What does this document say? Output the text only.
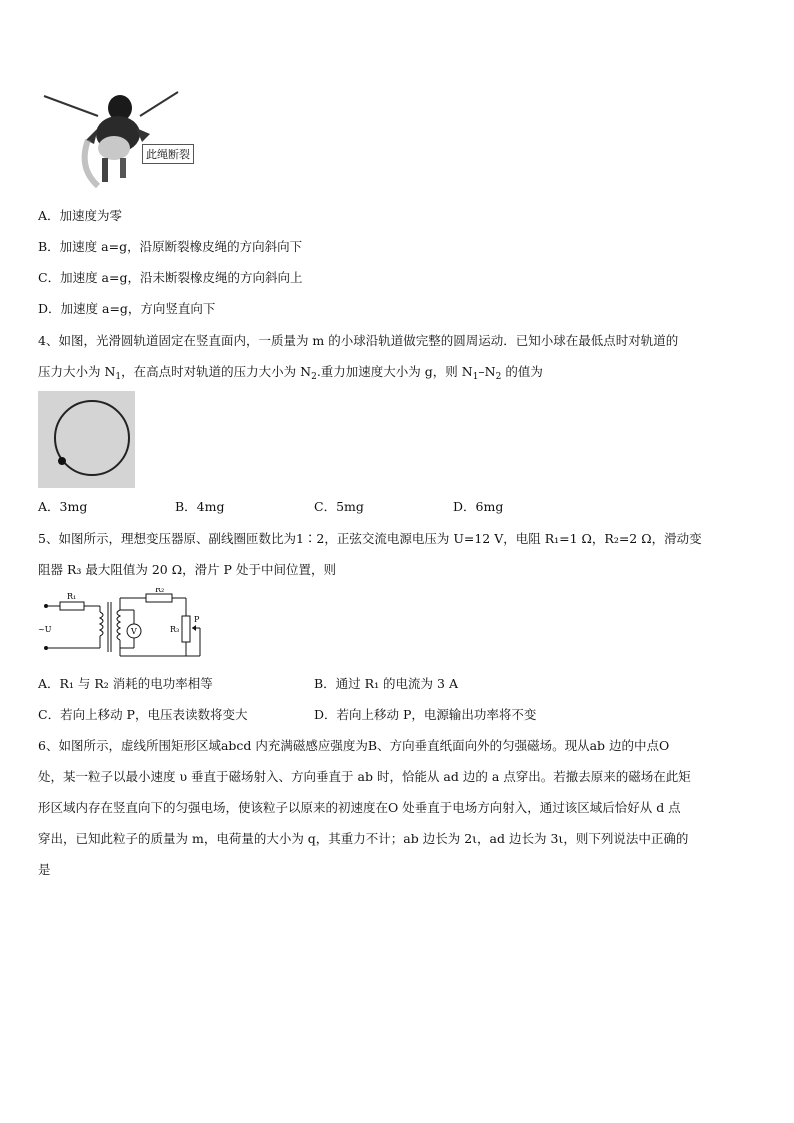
此绳断裂
A．加速度为零
B．加速度 a=g，沿原断裂橡皮绳的方向斜向下
C．加速度 a=g，沿未断裂橡皮绳的方向斜向上
D．加速度 a=g，方向竖直向下
4、如图，光滑圆轨道固定在竖直面内，一质量为 m 的小球沿轨道做完整的圆周运动．已知小球在最低点时对轨道的
压力大小为 $N_1$，在高点时对轨道的压力大小为 $N_2$.重力加速度大小为 g，则 $N_1-N_2$ 的值为
A．3mg	B．4mg	C．5mg	D．6mg
5、如图所示，理想变压器原、副线圈匝数比为1∶2，正弦交流电源电压为 U=12 V，电阻 R₁=1 Ω，R₂=2 Ω，滑动变
阻器 R₃ 最大阻值为 20 Ω，滑片 P 处于中间位置，则
R₁
~U
R₂
R₃
P
V
A．R₁ 与 R₂ 消耗的电功率相等	B．通过 R₁ 的电流为 3 A
C．若向上移动 P，电压表读数将变大	D．若向上移动 P，电源输出功率将不变
6、如图所示，虚线所围矩形区域abcd 内充满磁感应强度为B、方向垂直纸面向外的匀强磁场。现从ab 边的中点O
处，某一粒子以最小速度 υ 垂直于磁场射入、方向垂直于 ab 时，恰能从 ad 边的 a 点穿出。若撤去原来的磁场在此矩
形区域内存在竖直向下的匀强电场，使该粒子以原来的初速度在O 处垂直于电场方向射入，通过该区域后恰好从 d 点
穿出，已知此粒子的质量为 m，电荷量的大小为 q，其重力不计；ab 边长为 2ι，ad 边长为 3ι，则下列说法中正确的
是
